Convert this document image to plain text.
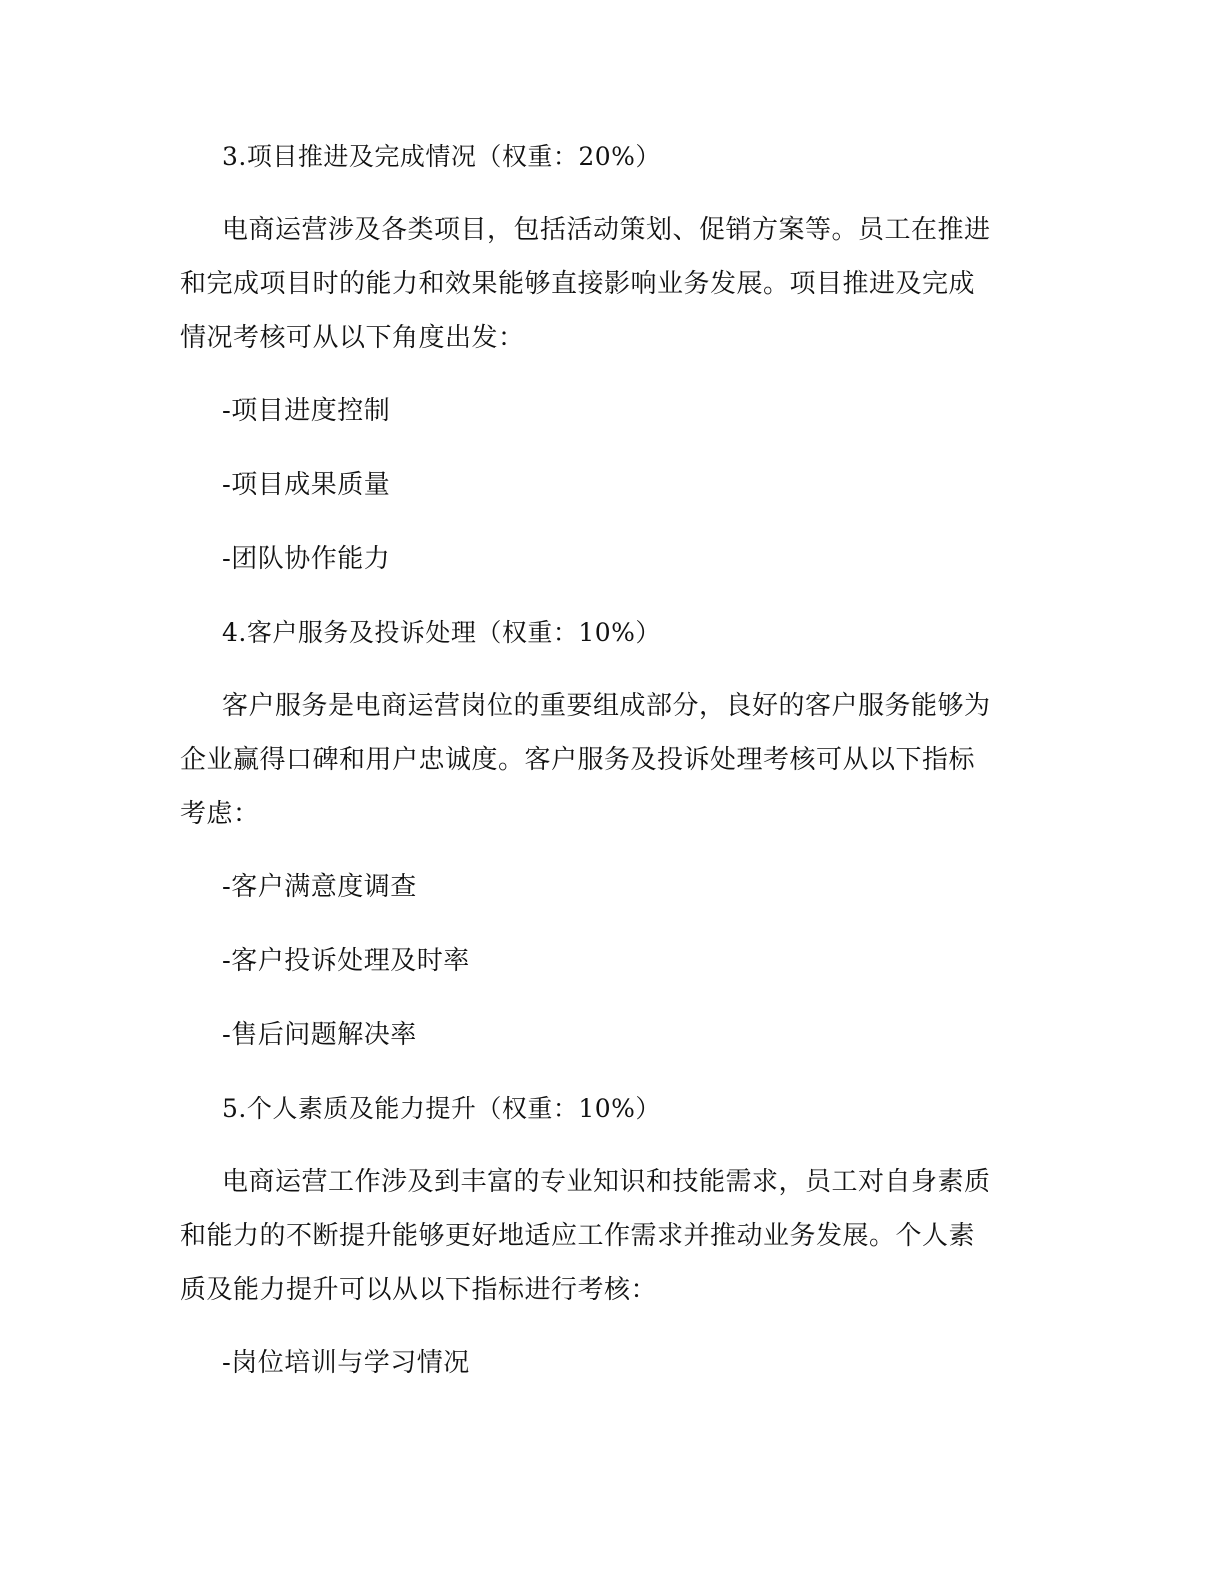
3.项目推进及完成情况（权重：20%）
电商运营涉及各类项目，包括活动策划、促销方案等。员工在推进
和完成项目时的能力和效果能够直接影响业务发展。项目推进及完成
情况考核可从以下角度出发：
-项目进度控制
-项目成果质量
-团队协作能力
4.客户服务及投诉处理（权重：10%）
客户服务是电商运营岗位的重要组成部分，良好的客户服务能够为
企业赢得口碑和用户忠诚度。客户服务及投诉处理考核可从以下指标
考虑：
-客户满意度调查
-客户投诉处理及时率
-售后问题解决率
5.个人素质及能力提升（权重：10%）
电商运营工作涉及到丰富的专业知识和技能需求，员工对自身素质
和能力的不断提升能够更好地适应工作需求并推动业务发展。个人素
质及能力提升可以从以下指标进行考核：
-岗位培训与学习情况
